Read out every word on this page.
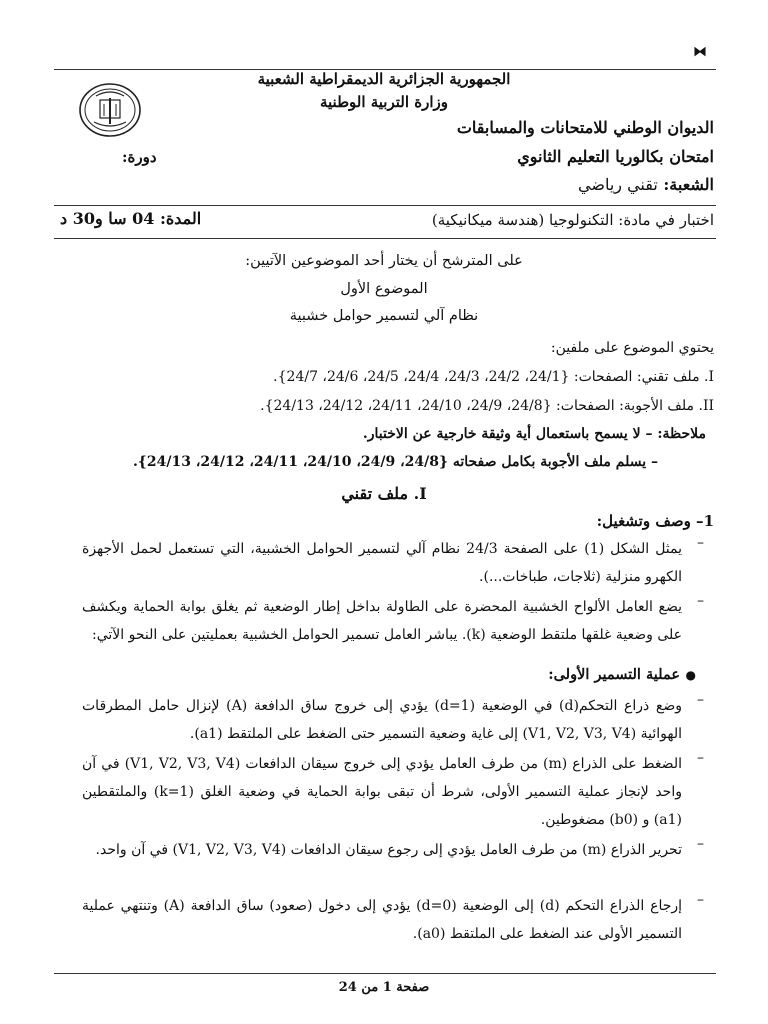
⧓
الجمهورية الجزائرية الديمقراطية الشعبية
وزارة التربية الوطنية
الديوان الوطني للامتحانات والمسابقات
امتحان بكالوريا التعليم الثانوي
دورة:
الشعبة: تقني رياضي
اختبار في مادة: التكنولوجيا (هندسة ميكانيكية)
المدة: 04 سا و30 د
على المترشح أن يختار أحد الموضوعين الآتيين:
الموضوع الأول
نظام آلي لتسمير حوامل خشبية
يحتوي الموضوع على ملفين:
I. ملف تقني: الصفحات: {24/1، 24/2، 24/3، 24/4، 24/5، 24/6، 24/7}.
II. ملف الأجوبة: الصفحات: {24/8، 24/9، 24/10، 24/11، 24/12، 24/13}.
ملاحظة: – لا يسمح باستعمال أية وثيقة خارجية عن الاختبار.
– يسلم ملف الأجوبة بكامل صفحاته {24/8، 24/9، 24/10، 24/11، 24/12، 24/13}.
I. ملف تقني
1– وصف وتشغيل:
–
يمثل الشكل (1) على الصفحة 24/3 نظام آلي لتسمير الحوامل الخشبية، التي تستعمل لحمل الأجهزة الكهرو منزلية (ثلاجات، طباخات...).
–
يضع العامل الألواح الخشبية المحضرة على الطاولة بداخل إطار الوضعية ثم يغلق بوابة الحماية ويكشف على وضعية غلقها ملتقط الوضعية (k). يباشر العامل تسمير الحوامل الخشبية بعمليتين على النحو الآتي:
●
عملية التسمير الأولى:
–
وضع ذراع التحكم(d) في الوضعية (d=1) يؤدي إلى خروج ساق الدافعة (A) لإنزال حامل المطرقات الهوائية (V1, V2, V3, V4) إلى غاية وضعية التسمير حتى الضغط على الملتقط (a1).
–
الضغط على الذراع (m) من طرف العامل يؤدي إلى خروج سيقان الدافعات (V1, V2, V3, V4) في آن واحد لإنجاز عملية التسمير الأولى، شرط أن تبقى بوابة الحماية في وضعية الغلق (k=1) والملتقطين (a1) و (b0) مضغوطين.
–
تحرير الذراع (m) من طرف العامل يؤدي إلى رجوع سيقان الدافعات (V1, V2, V3, V4) في آن واحد.
–
إرجاع الذراع التحكم (d) إلى الوضعية (d=0) يؤدي إلى دخول (صعود) ساق الدافعة (A) وتنتهي عملية التسمير الأولى عند الضغط على الملتقط (a0).
صفحة 1 من 24
